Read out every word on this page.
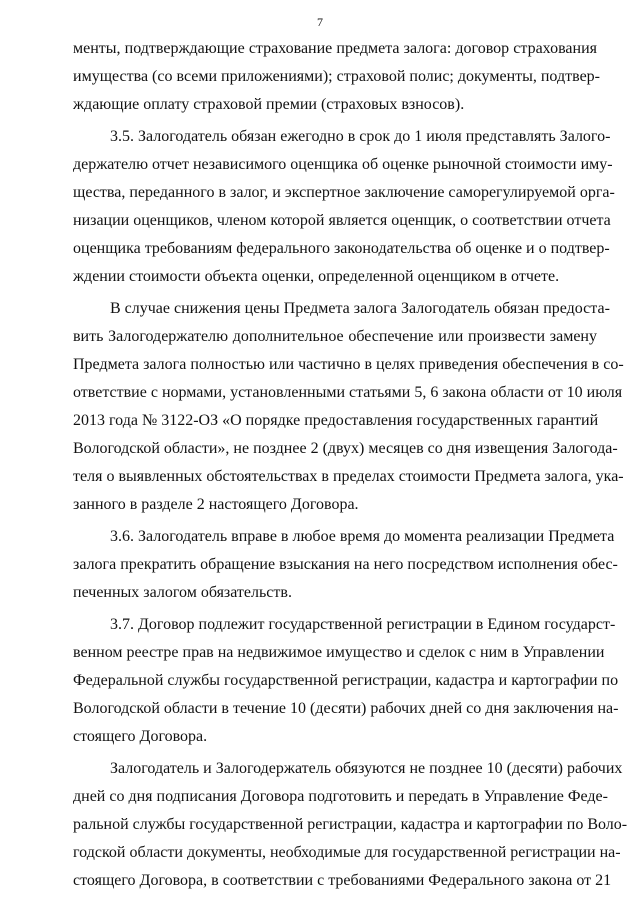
7
менты, подтверждающие страхование предмета залога: договор страхования
имущества (со всеми приложениями); страховой полис; документы, подтвер-
ждающие оплату страховой премии (страховых взносов).
3.5. Залогодатель обязан ежегодно в срок до 1 июля представлять Залого-
держателю отчет независимого оценщика об оценке рыночной стоимости иму-
щества, переданного в залог, и экспертное заключение саморегулируемой орга-
низации оценщиков, членом которой является оценщик, о соответствии отчета
оценщика требованиям федерального законодательства об оценке и о подтвер-
ждении стоимости объекта оценки, определенной оценщиком в отчете.
В случае снижения цены Предмета залога Залогодатель обязан предоста-
вить Залогодержателю дополнительное обеспечение или произвести замену
Предмета залога полностью или частично в целях приведения обеспечения в со-
ответствие с нормами, установленными статьями 5, 6 закона области от 10 июля
2013 года № 3122-ОЗ «О порядке предоставления государственных гарантий
Вологодской области», не позднее 2 (двух) месяцев со дня извещения Залогода-
теля о выявленных обстоятельствах в пределах стоимости Предмета залога, ука-
занного в разделе 2 настоящего Договора.
3.6. Залогодатель вправе в любое время до момента реализации Предмета
залога прекратить обращение взыскания на него посредством исполнения обес-
печенных залогом обязательств.
3.7. Договор подлежит государственной регистрации в Едином государст-
венном реестре прав на недвижимое имущество и сделок с ним в Управлении
Федеральной службы государственной регистрации, кадастра и картографии по
Вологодской области в течение 10 (десяти) рабочих дней со дня заключения на-
стоящего Договора.
Залогодатель и Залогодержатель обязуются не позднее 10 (десяти) рабочих
дней со дня подписания Договора подготовить и передать в Управление Феде-
ральной службы государственной регистрации, кадастра и картографии по Воло-
годской области документы, необходимые для государственной регистрации на-
стоящего Договора, в соответствии с требованиями Федерального закона от 21
